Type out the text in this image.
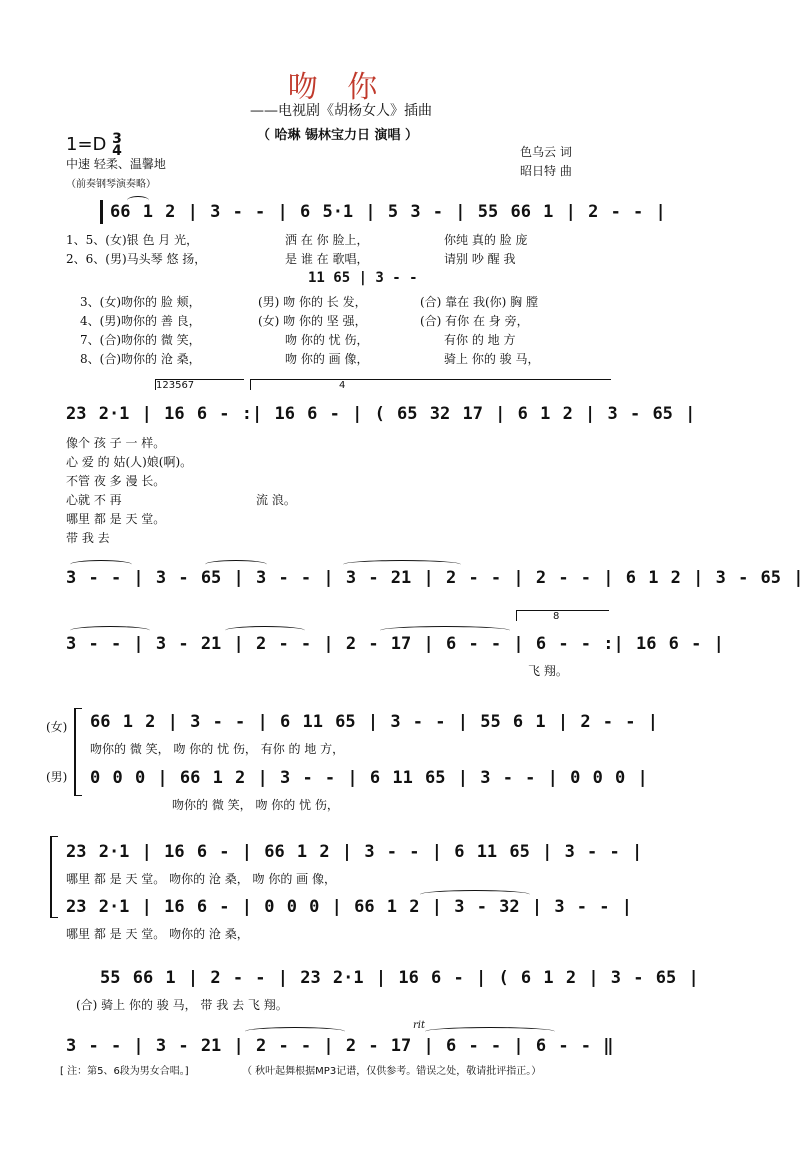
吻 你
——电视剧《胡杨女人》插曲
（ 哈琳 锡林宝力日 演唱 ）
1=D 3
4
中速 轻柔、温馨地
（前奏钢琴演奏略）
色乌云 词
昭日特 曲
66 1 2 | 3 - - | 6 5·1 | 5 3 - | 55 66 1 | 2 - - |
1、5、(女)银 色 月 光，	洒 在 你 脸上，	你纯 真的 脸 庞
2、6、(男)马头琴 悠 扬，	是 谁 在 歌唱，	请别 吵 醒 我
11 65 | 3 - -
3、(女)吻你的 脸 颊，	(男) 吻 你的 长 发，	(合) 靠在 我(你) 胸 膛
4、(男)吻你的 善 良，	(女) 吻 你的 坚 强，	(合) 有你 在 身 旁，
7、(合)吻你的 微 笑，	吻 你的 忧 伤，	有你 的 地 方
8、(合)吻你的 沧 桑，	吻 你的 画 像，	骑上 你的 骏 马，
123567	4
23 2·1 | 16 6 - :| 16 6 - | ( 65 32 17 | 6 1 2 | 3 - 65 |
像个 孩 子 一 样。
心 爱 的 姑(人)娘(啊)。
不管 夜 多 漫 长。
心就 不 再	流 浪。
哪里 都 是 天 堂。
带 我 去
3 - - | 3 - 65 | 3 - - | 3 - 21 | 2 - - | 2 - - | 6 1 2 | 3 - 65 |
8
3 - - | 3 - 21 | 2 - - | 2 - 17 | 6 - - | 6 - - :| 16 6 - |
飞 翔。
(女)
(男)
66 1 2 | 3 - - | 6 11 65 | 3 - - | 55 6 1 | 2 - - |
吻你的 微 笑， 吻 你的 忧 伤， 有你 的 地 方，
0 0 0 | 66 1 2 | 3 - - | 6 11 65 | 3 - - | 0 0 0 |
吻你的 微 笑， 吻 你的 忧 伤，
23 2·1 | 16 6 - | 66 1 2 | 3 - - | 6 11 65 | 3 - - |
哪里 都 是 天 堂。 吻你的 沧 桑， 吻 你的 画 像，
23 2·1 | 16 6 - | 0 0 0 | 66 1 2 | 3 - 32 | 3 - - |
哪里 都 是 天 堂。 吻你的 沧 桑，
55 66 1 | 2 - - | 23 2·1 | 16 6 - | ( 6 1 2 | 3 - 65 |
(合) 骑上 你的 骏 马， 带 我 去 飞 翔。
rit
3 - - | 3 - 21 | 2 - - | 2 - 17 | 6 - - | 6 - - ‖
[ 注：第5、6段为男女合唱。]	（ 秋叶起舞根据MP3记谱，仅供参考。错误之处，敬请批评指正。）
